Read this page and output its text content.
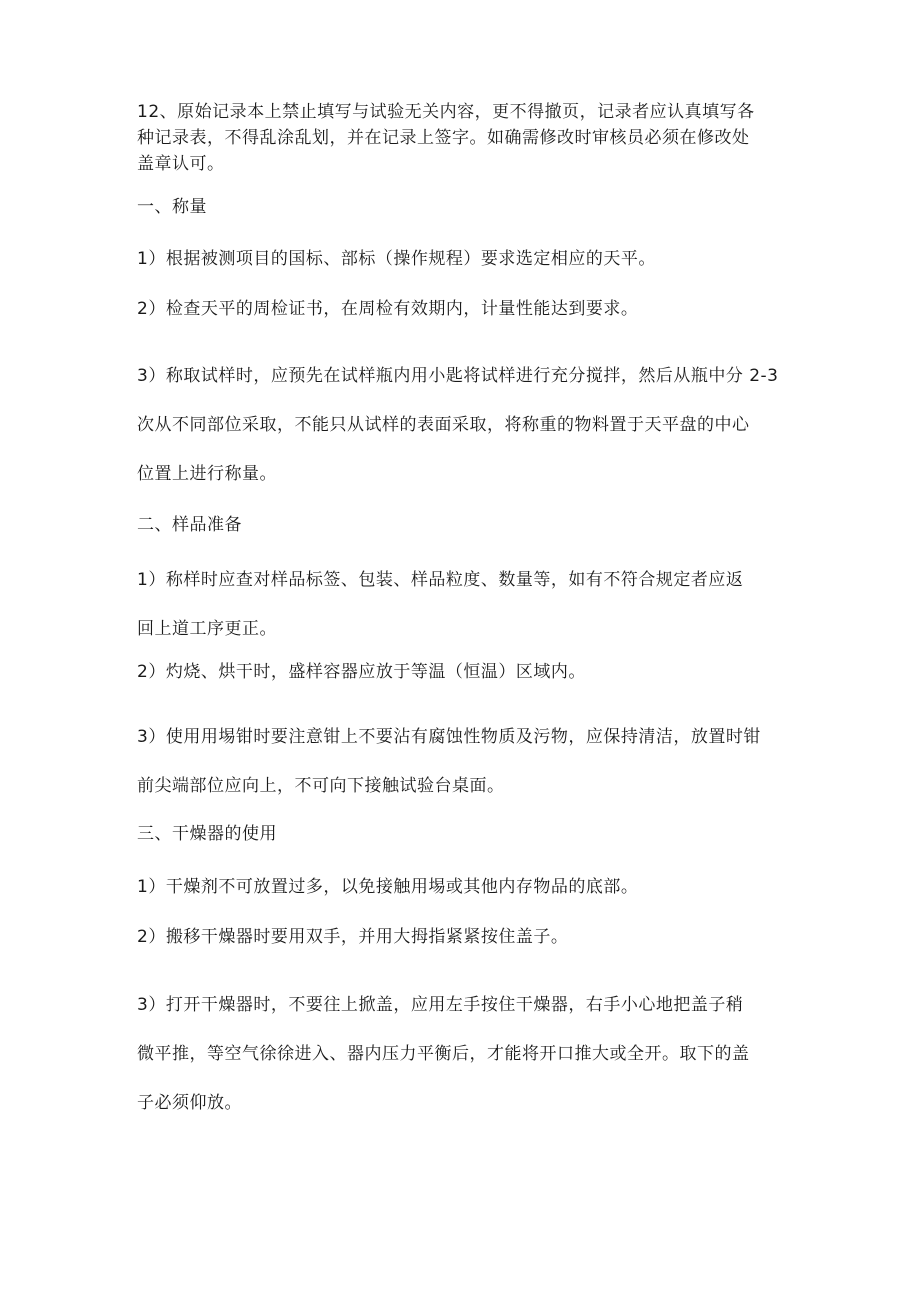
12、原始记录本上禁止填写与试验无关内容，更不得撤页，记录者应认真填写各
种记录表，不得乱涂乱划，并在记录上签字。如确需修改时审核员必须在修改处
盖章认可。

一、称量

1）根据被测项目的国标、部标（操作规程）要求选定相应的天平。

2）检查天平的周检证书，在周检有效期内，计量性能达到要求。

3）称取试样时，应预先在试样瓶内用小匙将试样进行充分搅拌，然后从瓶中分 2-3
次从不同部位采取，不能只从试样的表面采取，将称重的物料置于天平盘的中心
位置上进行称量。

二、样品准备

1）称样时应查对样品标签、包装、样品粒度、数量等，如有不符合规定者应返
回上道工序更正。

2）灼烧、烘干时，盛样容器应放于等温（恒温）区域内。

3）使用用埸钳时要注意钳上不要沾有腐蚀性物质及污物，应保持清洁，放置时钳
前尖端部位应向上，不可向下接触试验台桌面。

三、干燥器的使用

1）干燥剂不可放置过多，以免接触用埸或其他内存物品的底部。

2）搬移干燥器时要用双手，并用大拇指紧紧按住盖子。

3）打开干燥器时，不要往上掀盖，应用左手按住干燥器，右手小心地把盖子稍
微平推，等空气徐徐进入、器内压力平衡后，才能将开口推大或全开。取下的盖
子必须仰放。
